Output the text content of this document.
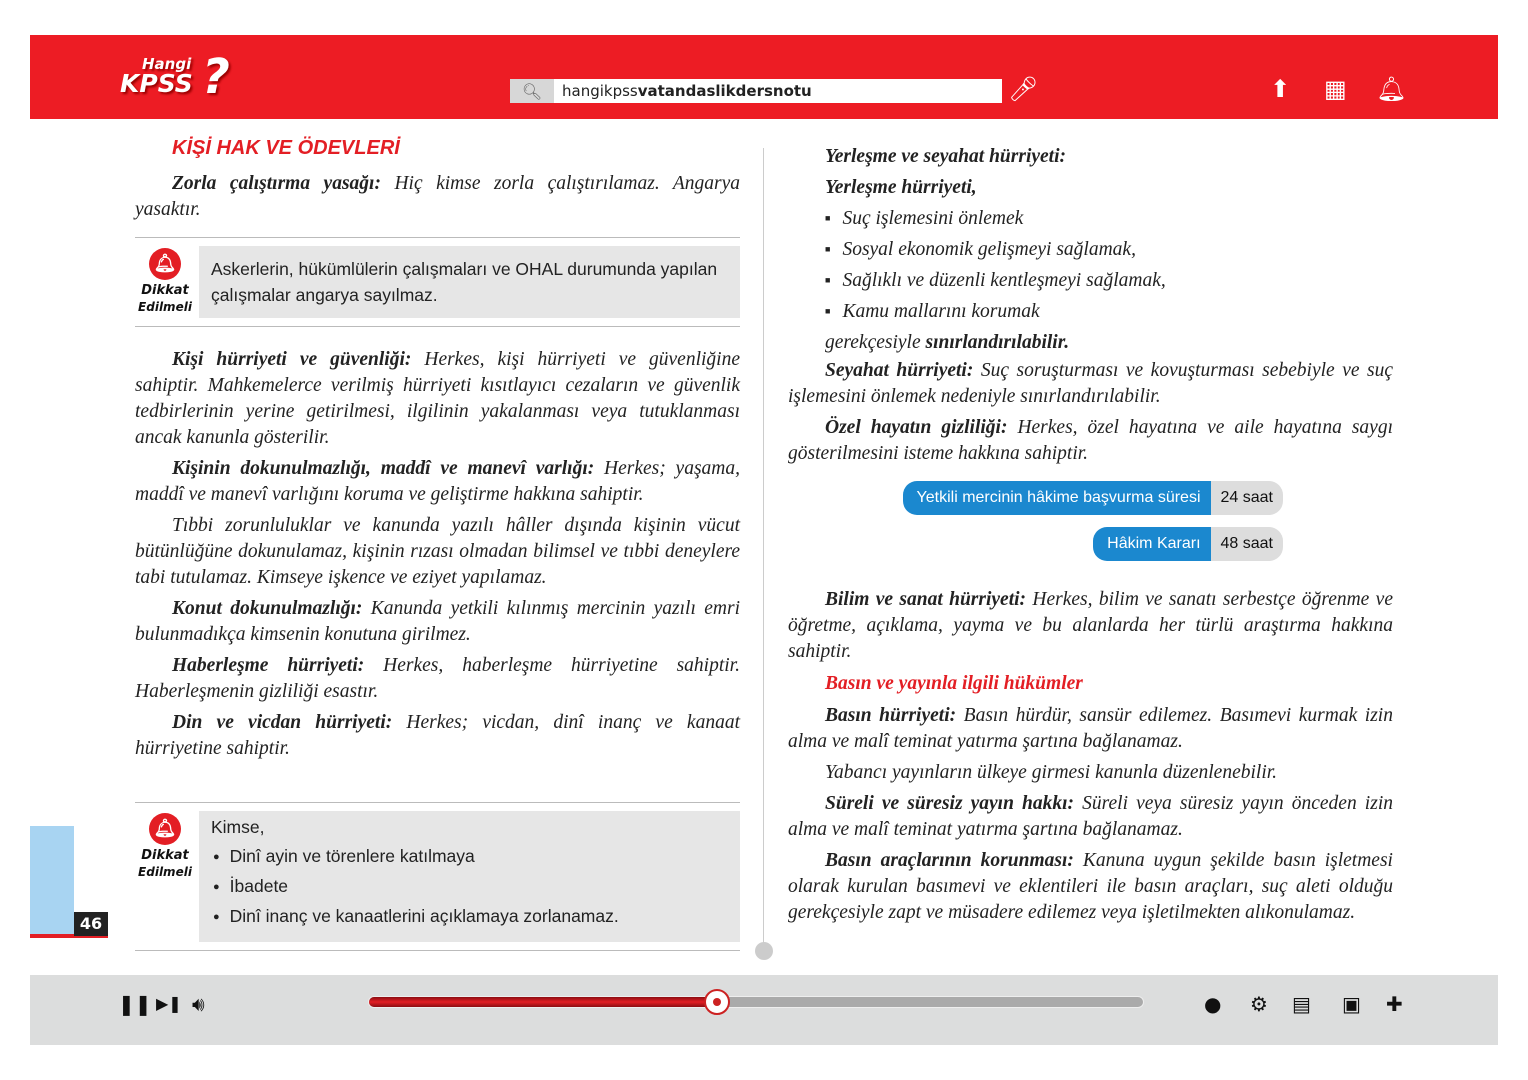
Hangi
KPSS ?	🔍︎	hangikpssvatandaslikdersnotu	🎤︎	⬆︎ ▦ 🔔︎
KİŞİ HAK VE ÖDEVLERİ

Zorla çalıştırma yasağı: Hiç kimse zorla çalıştırılamaz. Angarya yasaktır.

🔔︎
Dikkat
Edilmeli
Askerlerin, hükümlülerin çalışmaları ve OHAL durumunda yapılan çalışmalar angarya sayılmaz.

Kişi hürriyeti ve güvenliği: Herkes, kişi hürriyeti ve güvenliğine sahiptir. Mahkemelerce verilmiş hürriyeti kısıtlayıcı cezaların ve güvenlik tedbirlerinin yerine getirilmesi, ilgilinin yakalanması veya tutuklanması ancak kanunla gösterilir.

Kişinin dokunulmazlığı, maddî ve manevî varlığı: Herkes; yaşama, maddî ve manevî varlığını koruma ve geliştirme hakkına sahiptir.

Tıbbi zorunluluklar ve kanunda yazılı hâller dışında kişinin vücut bütünlüğüne dokunulamaz, kişinin rızası olmadan bilimsel ve tıbbi deneylere tabi tutulamaz. Kimseye işkence ve eziyet yapılamaz.

Konut dokunulmazlığı: Kanunda yetkili kılınmış mercinin yazılı emri bulunmadıkça kimsenin konutuna girilmez.

Haberleşme hürriyeti: Herkes, haberleşme hürriyetine sahiptir. Haberleşmenin gizliliği esastır.

Din ve vicdan hürriyeti: Herkes; vicdan, dinî inanç ve kanaat hürriyetine sahiptir.

🔔︎
Dikkat
Edilmeli
Kimse,
● Dinî ayin ve törenlere katılmaya
● İbadete
● Dinî inanç ve kanaatlerini açıklamaya zorlanamaz.

Yerleşme ve seyahat hürriyeti:

Yerleşme hürriyeti,

■ Suç işlemesini önlemek
■ Sosyal ekonomik gelişmeyi sağlamak,
■ Sağlıklı ve düzenli kentleşmeyi sağlamak,
■ Kamu mallarını korumak

gerekçesiyle sınırlandırılabilir.

Seyahat hürriyeti: Suç soruşturması ve kovuşturması sebebiyle ve suç işlemesini önlemek nedeniyle sınırlandırılabilir.

Özel hayatın gizliliği: Herkes, özel hayatına ve aile hayatına saygı gösterilmesini isteme hakkına sahiptir.

Yetkili mercinin hâkime başvurma süresi	24 saat
Hâkim Kararı	48 saat

Bilim ve sanat hürriyeti: Herkes, bilim ve sanatı serbestçe öğrenme ve öğretme, açıklama, yayma ve bu alanlarda her türlü araştırma hakkına sahiptir.

Basın ve yayınla ilgili hükümler

Basın hürriyeti: Basın hürdür, sansür edilemez. Basımevi kurmak izin alma ve malî teminat yatırma şartına bağlanamaz.

Yabancı yayınların ülkeye girmesi kanunla düzenlenebilir.

Süreli ve süresiz yayın hakkı: Süreli veya süresiz yayın önceden izin alma ve malî teminat yatırma şartına bağlanamaz.

Basın araçlarının korunması: Kanuna uygun şekilde basın işletmesi olarak kurulan basımevi ve eklentileri ile basın araçları, suç aleti olduğu gerekçesiyle zapt ve müsadere edilemez veya işletilmekten alıkonulamaz.

46
❚❚ ▶❚ 🔊︎	●︎ ⚙︎ ▤ ▣ ✚
